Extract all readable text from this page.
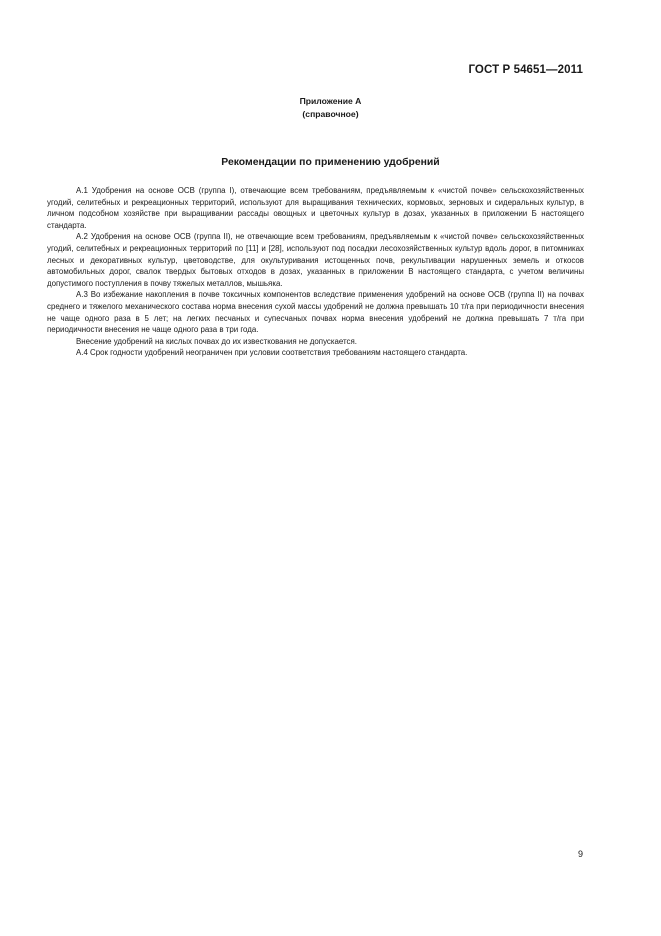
ГОСТ Р 54651—2011
Приложение А
(справочное)
Рекомендации по применению удобрений

А.1 Удобрения на основе ОСВ (группа I), отвечающие всем требованиям, предъявляемым к «чистой почве» сельскохозяйственных угодий, селитебных и рекреационных территорий, используют для выращивания технических, кормовых, зерновых и сидеральных культур, в личном подсобном хозяйстве при выращивании рассады овощных и цветочных культур в дозах, указанных в приложении Б настоящего стандарта.

А.2 Удобрения на основе ОСВ (группа II), не отвечающие всем требованиям, предъявляемым к «чистой почве» сельскохозяйственных угодий, селитебных и рекреационных территорий по [11] и [28], используют под посадки лесохозяйственных культур вдоль дорог, в питомниках лесных и декоративных культур, цветоводстве, для окультуривания истощенных почв, рекультивации нарушенных земель и откосов автомобильных дорог, свалок твердых бытовых отходов в дозах, указанных в приложении В настоящего стандарта, с учетом величины допустимого поступления в почву тяжелых металлов, мышьяка.

А.3 Во избежание накопления в почве токсичных компонентов вследствие применения удобрений на основе ОСВ (группа II) на почвах среднего и тяжелого механического состава норма внесения сухой массы удобрений не должна превышать 10 т/га при периодичности внесения не чаще одного раза в 5 лет; на легких песчаных и супесчаных почвах норма внесения удобрений не должна превышать 7 т/га при периодичности внесения не чаще одного раза в три года.

Внесение удобрений на кислых почвах до их известкования не допускается.

А.4 Срок годности удобрений неограничен при условии соответствия требованиям настоящего стандарта.

9
